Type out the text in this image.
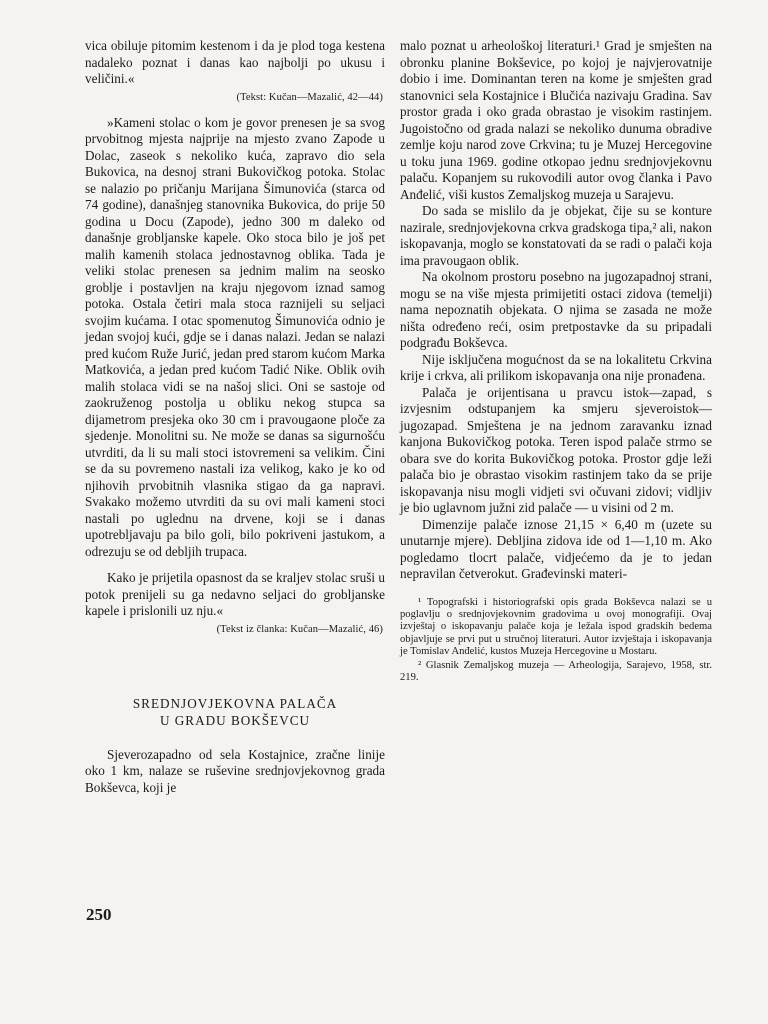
vica obiluje pitomim kestenom i da je plod toga kestena nadaleko poznat i danas kao najbolji po ukusu i veličini.«

(Tekst: Kučan—Mazalić, 42—44)

»Kameni stolac o kom je govor prenesen je sa svog prvobitnog mjesta najprije na mjesto zvano Zapode u Dolac, zaseok s nekoliko kuća, zapravo dio sela Bukovica, na desnoj strani Bukovičkog potoka. Stolac se nalazio po pričanju Marijana Šimunovića (starca od 74 godine), današnjeg stanovnika Bukovica, do prije 50 godina u Docu (Zapode), jedno 300 m daleko od današnje grobljanske kapele. Oko stoca bilo je još pet malih kamenih stolaca jednostavnog oblika. Tada je veliki stolac prenesen sa jednim malim na seosko groblje i postavljen na kraju njegovom iznad samog potoka. Ostala četiri mala stoca raznijeli su seljaci svojim kućama. I otac spomenutog Šimunovića odnio je jedan svojoj kući, gdje se i danas nalazi. Jedan se nalazi pred kućom Ruže Jurić, jedan pred starom kućom Marka Matkovića, a jedan pred kućom Tadić Nike. Oblik ovih malih stolaca vidi se na našoj slici. Oni se sastoje od zaokruženog postolja u obliku nekog stupca sa dijametrom presjeka oko 30 cm i pravougaone ploče za sjedenje. Monolitni su. Ne može se danas sa sigurnošću utvrditi, da li su mali stoci istovremeni sa velikim. Čini se da su povremeno nastali iza velikog, kako je ko od njihovih prvobitnih vlasnika stigao da ga napravi. Svakako možemo utvrditi da su ovi mali kameni stoci nastali po uglednu na drvene, koji se i danas upotrebljavaju pa bilo goli, bilo pokriveni jastukom, a odrezuju se od debljih trupaca.

Kako je prijetila opasnost da se kraljev stolac sruši u potok prenijeli su ga nedavno seljaci do grobljanske kapele i prislonili uz nju.«

(Tekst iz članka: Kučan—Mazalić, 46)
SREDNJOVJEKOVNA PALAČA
U GRADU BOKŠEVCU

Sjeverozapadno od sela Kostajnice, zračne linije oko 1 km, nalaze se ruševine srednjovjekovnog grada Bokševca, koji je

malo poznat u arheološkoj literaturi.¹ Grad je smješten na obronku planine Bokševice, po kojoj je najvjerovatnije dobio i ime. Dominantan teren na kome je smješten grad stanovnici sela Kostajnice i Blučića nazivaju Gradina. Sav prostor grada i oko grada obrastao je visokim rastinjem. Jugoistočno od grada nalazi se nekoliko dunuma obradive zemlje koju narod zove Crkvina; tu je Muzej Hercegovine u toku juna 1969. godine otkopao jednu srednjovjekovnu palaču. Kopanjem su rukovodili autor ovog članka i Pavo Anđelić, viši kustos Zemaljskog muzeja u Sarajevu.

Do sada se mislilo da je objekat, čije su se konture nazirale, srednjovjekovna crkva gradskoga tipa,² ali, nakon iskopavanja, moglo se konstatovati da se radi o palači koja ima pravougaon oblik.

Na okolnom prostoru posebno na jugozapadnoj strani, mogu se na više mjesta primijetiti ostaci zidova (temelji) nama nepoznatih objekata. O njima se zasada ne može ništa određeno reći, osim pretpostavke da su pripadali podgrađu Bokševca.

Nije isključena mogućnost da se na lokalitetu Crkvina krije i crkva, ali prilikom iskopavanja ona nije pronađena.

Palača je orijentisana u pravcu istok—zapad, s izvjesnim odstupanjem ka smjeru sjeveroistok—jugozapad. Smještena je na jednom zaravanku iznad kanjona Bukovičkog potoka. Teren ispod palače strmo se obara sve do korita Bukovičkog potoka. Prostor gdje leži palača bio je obrastao visokim rastinjem tako da se prije iskopavanja nisu mogli vidjeti svi očuvani zidovi; vidljiv je bio uglavnom južni zid palače — u visini od 2 m.

Dimenzije palače iznose 21,15 × 6,40 m (uzete su unutarnje mjere). Debljina zidova ide od 1—1,10 m. Ako pogledamo tlocrt palače, vidjećemo da je to jedan nepravilan četverokut. Građevinski materi-

¹ Topografski i historiografski opis grada Bokševca nalazi se u poglavlju o srednjovjekovnim gradovima u ovoj monografiji. Ovaj izvještaj o iskopavanju palače koja je ležala ispod gradskih bedema objavljuje se prvi put u stručnoj literaturi. Autor izvještaja i iskopavanja je Tomislav Anđelić, kustos Muzeja Hercegovine u Mostaru.

² Glasnik Zemaljskog muzeja — Arheologija, Sarajevo, 1958, str. 219.

250
